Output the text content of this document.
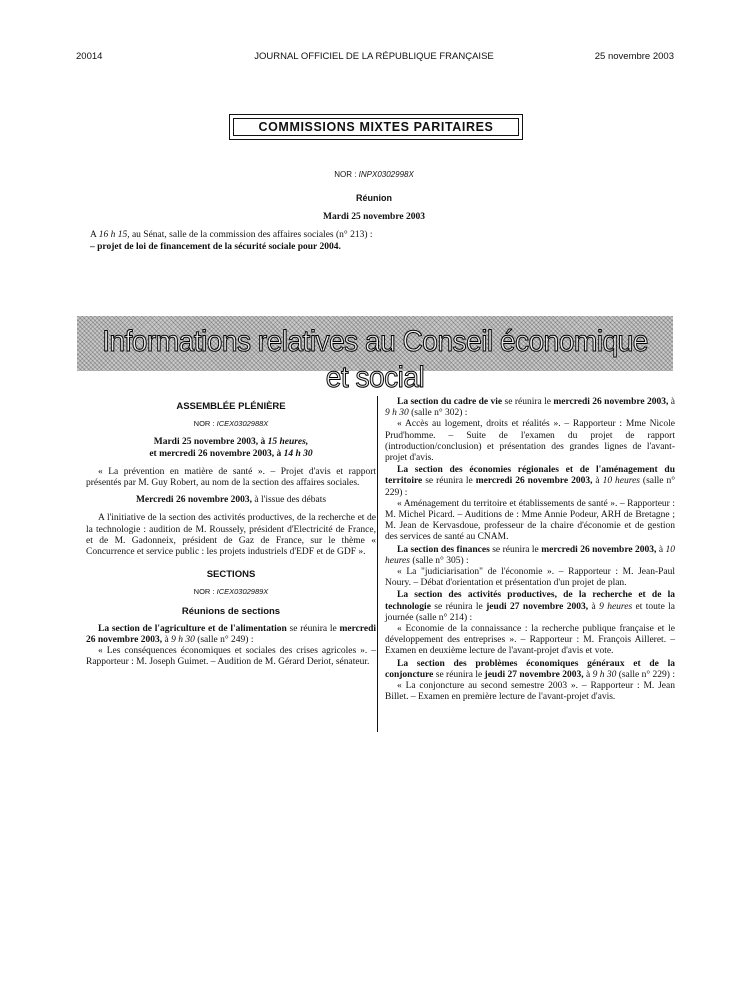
20014	JOURNAL OFFICIEL DE LA RÉPUBLIQUE FRANÇAISE	25 novembre 2003
COMMISSIONS MIXTES PARITAIRES
NOR : INPX0302998X
Réunion
Mardi 25 novembre 2003
A 16 h 15, au Sénat, salle de la commission des affaires sociales (n° 213) :
– projet de loi de financement de la sécurité sociale pour 2004.
Informations relatives au Conseil économique et social
ASSEMBLÉE PLÉNIÈRE
NOR : ICEX0302988X
Mardi 25 novembre 2003, à 15 heures,
et mercredi 26 novembre 2003, à 14 h 30

« La prévention en matière de santé ». – Projet d'avis et rapport présentés par M. Guy Robert, au nom de la section des affaires sociales.

Mercredi 26 novembre 2003, à l'issue des débats

A l'initiative de la section des activités productives, de la recherche et de la technologie : audition de M. Roussely, président d'Electricité de France, et de M. Gadonneix, président de Gaz de France, sur le thème « Concurrence et service public : les projets industriels d'EDF et de GDF ».

SECTIONS
NOR : ICEX0302989X
Réunions de sections

La section de l'agriculture et de l'alimentation se réunira le mercredi 26 novembre 2003, à 9 h 30 (salle n° 249) :

« Les conséquences économiques et sociales des crises agricoles ». – Rapporteur : M. Joseph Guimet. – Audition de M. Gérard Deriot, sénateur.

La section du cadre de vie se réunira le mercredi 26 novembre 2003, à 9 h 30 (salle n° 302) :

« Accès au logement, droits et réalités ». – Rapporteur : Mme Nicole Prud'homme. – Suite de l'examen du projet de rapport (introduction/conclusion) et présentation des grandes lignes de l'avant-projet d'avis.

La section des économies régionales et de l'aménagement du territoire se réunira le mercredi 26 novembre 2003, à 10 heures (salle n° 229) :

« Aménagement du territoire et établissements de santé ». – Rapporteur : M. Michel Picard. – Auditions de : Mme Annie Podeur, ARH de Bretagne ; M. Jean de Kervasdoue, professeur de la chaire d'économie et de gestion des services de santé au CNAM.

La section des finances se réunira le mercredi 26 novembre 2003, à 10 heures (salle n° 305) :

« La "judiciarisation" de l'économie ». – Rapporteur : M. Jean-Paul Noury. – Débat d'orientation et présentation d'un projet de plan.

La section des activités productives, de la recherche et de la technologie se réunira le jeudi 27 novembre 2003, à 9 heures et toute la journée (salle n° 214) :

« Economie de la connaissance : la recherche publique française et le développement des entreprises ». – Rapporteur : M. François Ailleret. – Examen en deuxième lecture de l'avant-projet d'avis et vote.

La section des problèmes économiques généraux et de la conjoncture se réunira le jeudi 27 novembre 2003, à 9 h 30 (salle n° 229) :

« La conjoncture au second semestre 2003 ». – Rapporteur : M. Jean Billet. – Examen en première lecture de l'avant-projet d'avis.
